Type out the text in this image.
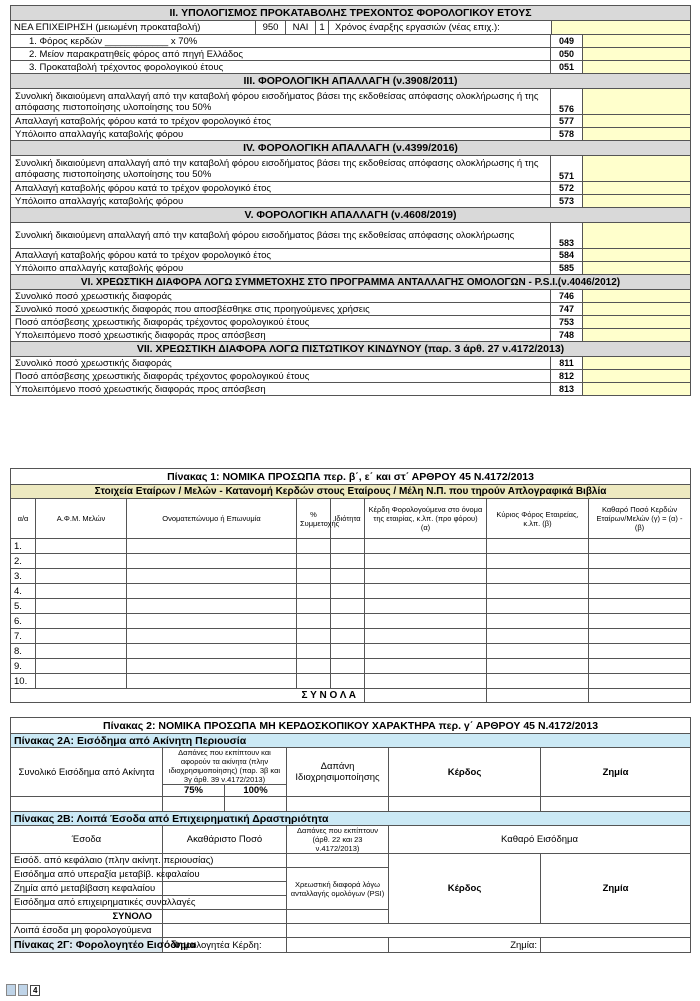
II. ΥΠΟΛΟΓΙΣΜΟΣ ΠΡΟΚΑΤΑΒΟΛΗΣ ΤΡΕΧΟΝΤΟΣ ΦΟΡΟΛΟΓΙΚΟΥ ΕΤΟΥΣ		

ΝΕΑ ΕΠΙΧΕΙΡΗΣΗ (μειωμένη προκαταβολή) 950 ΝΑΙ 1 Χρόνος έναρξης εργασιών (νέας επιχ.):		

1. Φόρος κερδών ____________ x 70%	049	
2. Μείον παρακρατηθείς φόρος από πηγή Ελλάδος	050	
3. Προκαταβολή τρέχοντος φορολογικού έτους	051	
III. ΦΟΡΟΛΟΓΙΚΗ ΑΠΑΛΛΑΓΗ (ν.3908/2011)		
Συνολική δικαιούμενη απαλλαγή από την καταβολή φόρου εισοδήματος βάσει της εκδοθείσας απόφασης ολοκλήρωσης ή της απόφασης πιστοποίησης υλοποίησης του 50%	576	
Απαλλαγή καταβολής φόρου κατά το τρέχον φορολογικό έτος	577	
Υπόλοιπο απαλλαγής καταβολής φόρου	578	
IV. ΦΟΡΟΛΟΓΙΚΗ ΑΠΑΛΛΑΓΗ (ν.4399/2016)		
Συνολική δικαιούμενη απαλλαγή από την καταβολή φόρου εισοδήματος βάσει της εκδοθείσας απόφασης ολοκλήρωσης ή της απόφασης πιστοποίησης υλοποίησης του 50%	571	
Απαλλαγή καταβολής φόρου κατά το τρέχον φορολογικό έτος	572	
Υπόλοιπο απαλλαγής καταβολής φόρου	573	
V. ΦΟΡΟΛΟΓΙΚΗ ΑΠΑΛΛΑΓΗ (ν.4608/2019)		
Συνολική δικαιούμενη απαλλαγή από την καταβολή φόρου εισοδήματος βάσει της εκδοθείσας απόφασης ολοκλήρωσης	583	
Απαλλαγή καταβολής φόρου κατά το τρέχον φορολογικό έτος	584	
Υπόλοιπο απαλλαγής καταβολής φόρου	585	
VI. ΧΡΕΩΣΤΙΚΗ ΔΙΑΦΟΡΑ ΛΟΓΩ ΣΥΜΜΕΤΟΧΗΣ ΣΤΟ ΠΡΟΓΡΑΜΜΑ ΑΝΤΑΛΛΑΓΗΣ ΟΜΟΛΟΓΩΝ - P.S.I.(ν.4046/2012)		
Συνολικό ποσό χρεωστικής διαφοράς	746	
Συνολικό ποσό χρεωστικής διαφοράς που αποσβέσθηκε στις προηγούμενες χρήσεις	747	
Ποσό απόσβεσης χρεωστικής διαφοράς τρέχοντος φορολογικού έτους	753	
Υπολειπόμενο ποσό χρεωστικής διαφοράς προς απόσβεση	748	
VII. ΧΡΕΩΣΤΙΚΗ ΔΙΑΦΟΡΑ ΛΟΓΩ ΠΙΣΤΩΤΙΚΟΥ ΚΙΝΔΥΝΟΥ (παρ. 3 άρθ. 27 ν.4172/2013)		
Συνολικό ποσό χρεωστικής διαφοράς	811	
Ποσό απόσβεσης χρεωστικής διαφοράς τρέχοντος φορολογικού έτους	812	
Υπολειπόμενο ποσό χρεωστικής διαφοράς προς απόσβεση	813	
Πίνακας 1: ΝΟΜΙΚΑ ΠΡΟΣΩΠΑ περ. β΄, ε΄ και στ΄ ΑΡΘΡΟΥ 45 Ν.4172/2013							
Στοιχεία Εταίρων / Μελών - Κατανομή Κερδών στους Εταίρους / Μέλη Ν.Π. που τηρούν Απλογραφικά Βιβλία							
α/α	Α.Φ.Μ. Μελών	Ονοματεπώνυμο ή Επωνυμία	% Συμμετοχής	Ιδιότητα	Κέρδη Φορολογούμενα στο όνομα της εταιρίας, κ.λπ. (προ φόρου) (α)	Κύριος Φόρος Εταιρείας, κ.λπ. (β)	Καθαρό Ποσό Κερδών Εταίρων/Μελών (γ) = (α) - (β)
1.							
2.							
3.							
4.							
5.							
6.							
7.							
8.							
9.							
10.							
Σ Υ Ν Ο Λ Α							
Πίνακας 2: ΝΟΜΙΚΑ ΠΡΟΣΩΠΑ ΜΗ ΚΕΡΔΟΣΚΟΠΙΚΟΥ ΧΑΡΑΚΤΗΡΑ περ. γ΄ ΑΡΘΡΟΥ 45 Ν.4172/2013					
Πίνακας 2Α: Εισόδημα από Ακίνητη Περιουσία					
Συνολικό Εισόδημα από Ακίνητα	Δαπάνες που εκπίπτουν και αφορούν τα ακίνητα (πλην ιδιοχρησιμοποίησης) (παρ. 3β και 3γ άρθ. 39 ν.4172/2013)		Δαπάνη Ιδιοχρησιμοποίησης	Κέρδος	Ζημία
	75%	100%			

Πίνακας 2Β: Λοιπά Έσοδα από Επιχειρηματική Δραστηριότητα					
Έσοδα	Ακαθάριστο Ποσό		Δαπάνες που εκπίπτουν (άρθ. 22 και 23 ν.4172/2013)	Καθαρό Εισόδημα	
Εισόδ. από κεφάλαιο (πλην ακίνητ. περιουσίας)				Κέρδος	Ζημία
Εισόδημα από υπεραξία μεταβίβ. κεφαλαίου			Χρεωστική διαφορά λόγω ανταλλαγής ομολόγων (PSI)		
Ζημία από μεταβίβαση κεφαλαίου					
Εισόδημα από επιχειρηματικές συναλλαγές					
ΣΥΝΟΛΟ					
Λοιπά έσοδα μη φορολογούμενα					
Πίνακας 2Γ: Φορολογητέο Εισόδημα	Φορολογητέα Κέρδη:			Ζημία:	
4
